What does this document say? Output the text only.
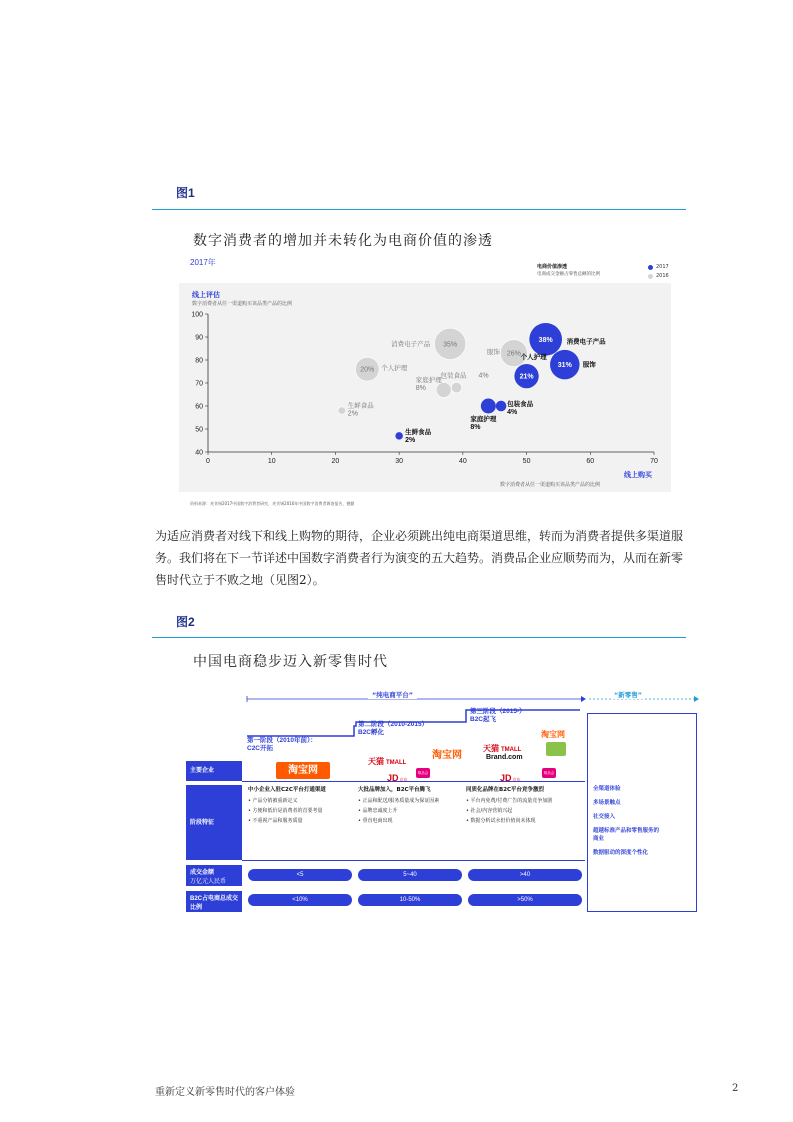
图1
数字消费者的增加并未转化为电商价值的渗透
2017年	电商价值渗透
电商成交金额占零售总额的比例
2017
2016
线上评估
数字消费者从任一渠道购买该品类产品的比例
线上购买
数字消费者从任一渠道购买该品类产品的比例
0	10	20	30	40	50	60	70
40
50
60
70
80
90
100
35%
消费电子产品
26%
服饰
20% 个人护理
包装食品 4%
家庭护理
8%
生鲜食品
2%
38% 消费电子产品
31% 服饰
21%
个人护理
包装食品
4%
家庭护理
8%
生鲜食品
2%
资料来源：麦肯锡2017中国数字消费者研究，麦肯锡2016年中国数字消费者调查报告，德勤
为适应消费者对线下和线上购物的期待，企业必须跳出纯电商渠道思维，转而为消费者提供多渠道服
务。我们将在下一节详述中国数字消费者行为演变的五大趋势。消费品企业应顺势而为，从而在新零
售时代立于不败之地（见图2）。
图2
中国电商稳步迈入新零售时代
“纯电商平台”	“新零售”
第一阶段（2010年前）：
C2C开拓
第二阶段（2010-2015）
B2C孵化
第三阶段（2015-）
B2C起飞
全渠道体验
多场景触点
社交接入
超越标准产品和零售服务的商业
数据驱动的深度个性化
主要企业	淘宝网
天猫 TMALL
淘宝网
JD京东
唯品会
天猫 TMALL
淘宝网
Brand.com
JD京东
唯品会
阶段特征
中小企业入驻C2C平台打通渠道
• 产品分销被重新定义
• 方便和低价是消费者的首要考量
• 不重视产品和服务质量
大批品牌加入，B2C平台腾飞
• 正品和配送/服务质量成为保证因素
• 品牌忠诚度上升
• 垂直电商出现
同质化品牌在B2C平台竞争激烈
• 平台内免费/付费广告的流量竞争加剧
• 社会/内容营销兴起
• 数据分析试水但价值尚未体现
成交金额
万亿元人民币
<5	5~40	>40
B2C占电商总成交比例
<10%	10-50%	>50%
重新定义新零售时代的客户体验	2
